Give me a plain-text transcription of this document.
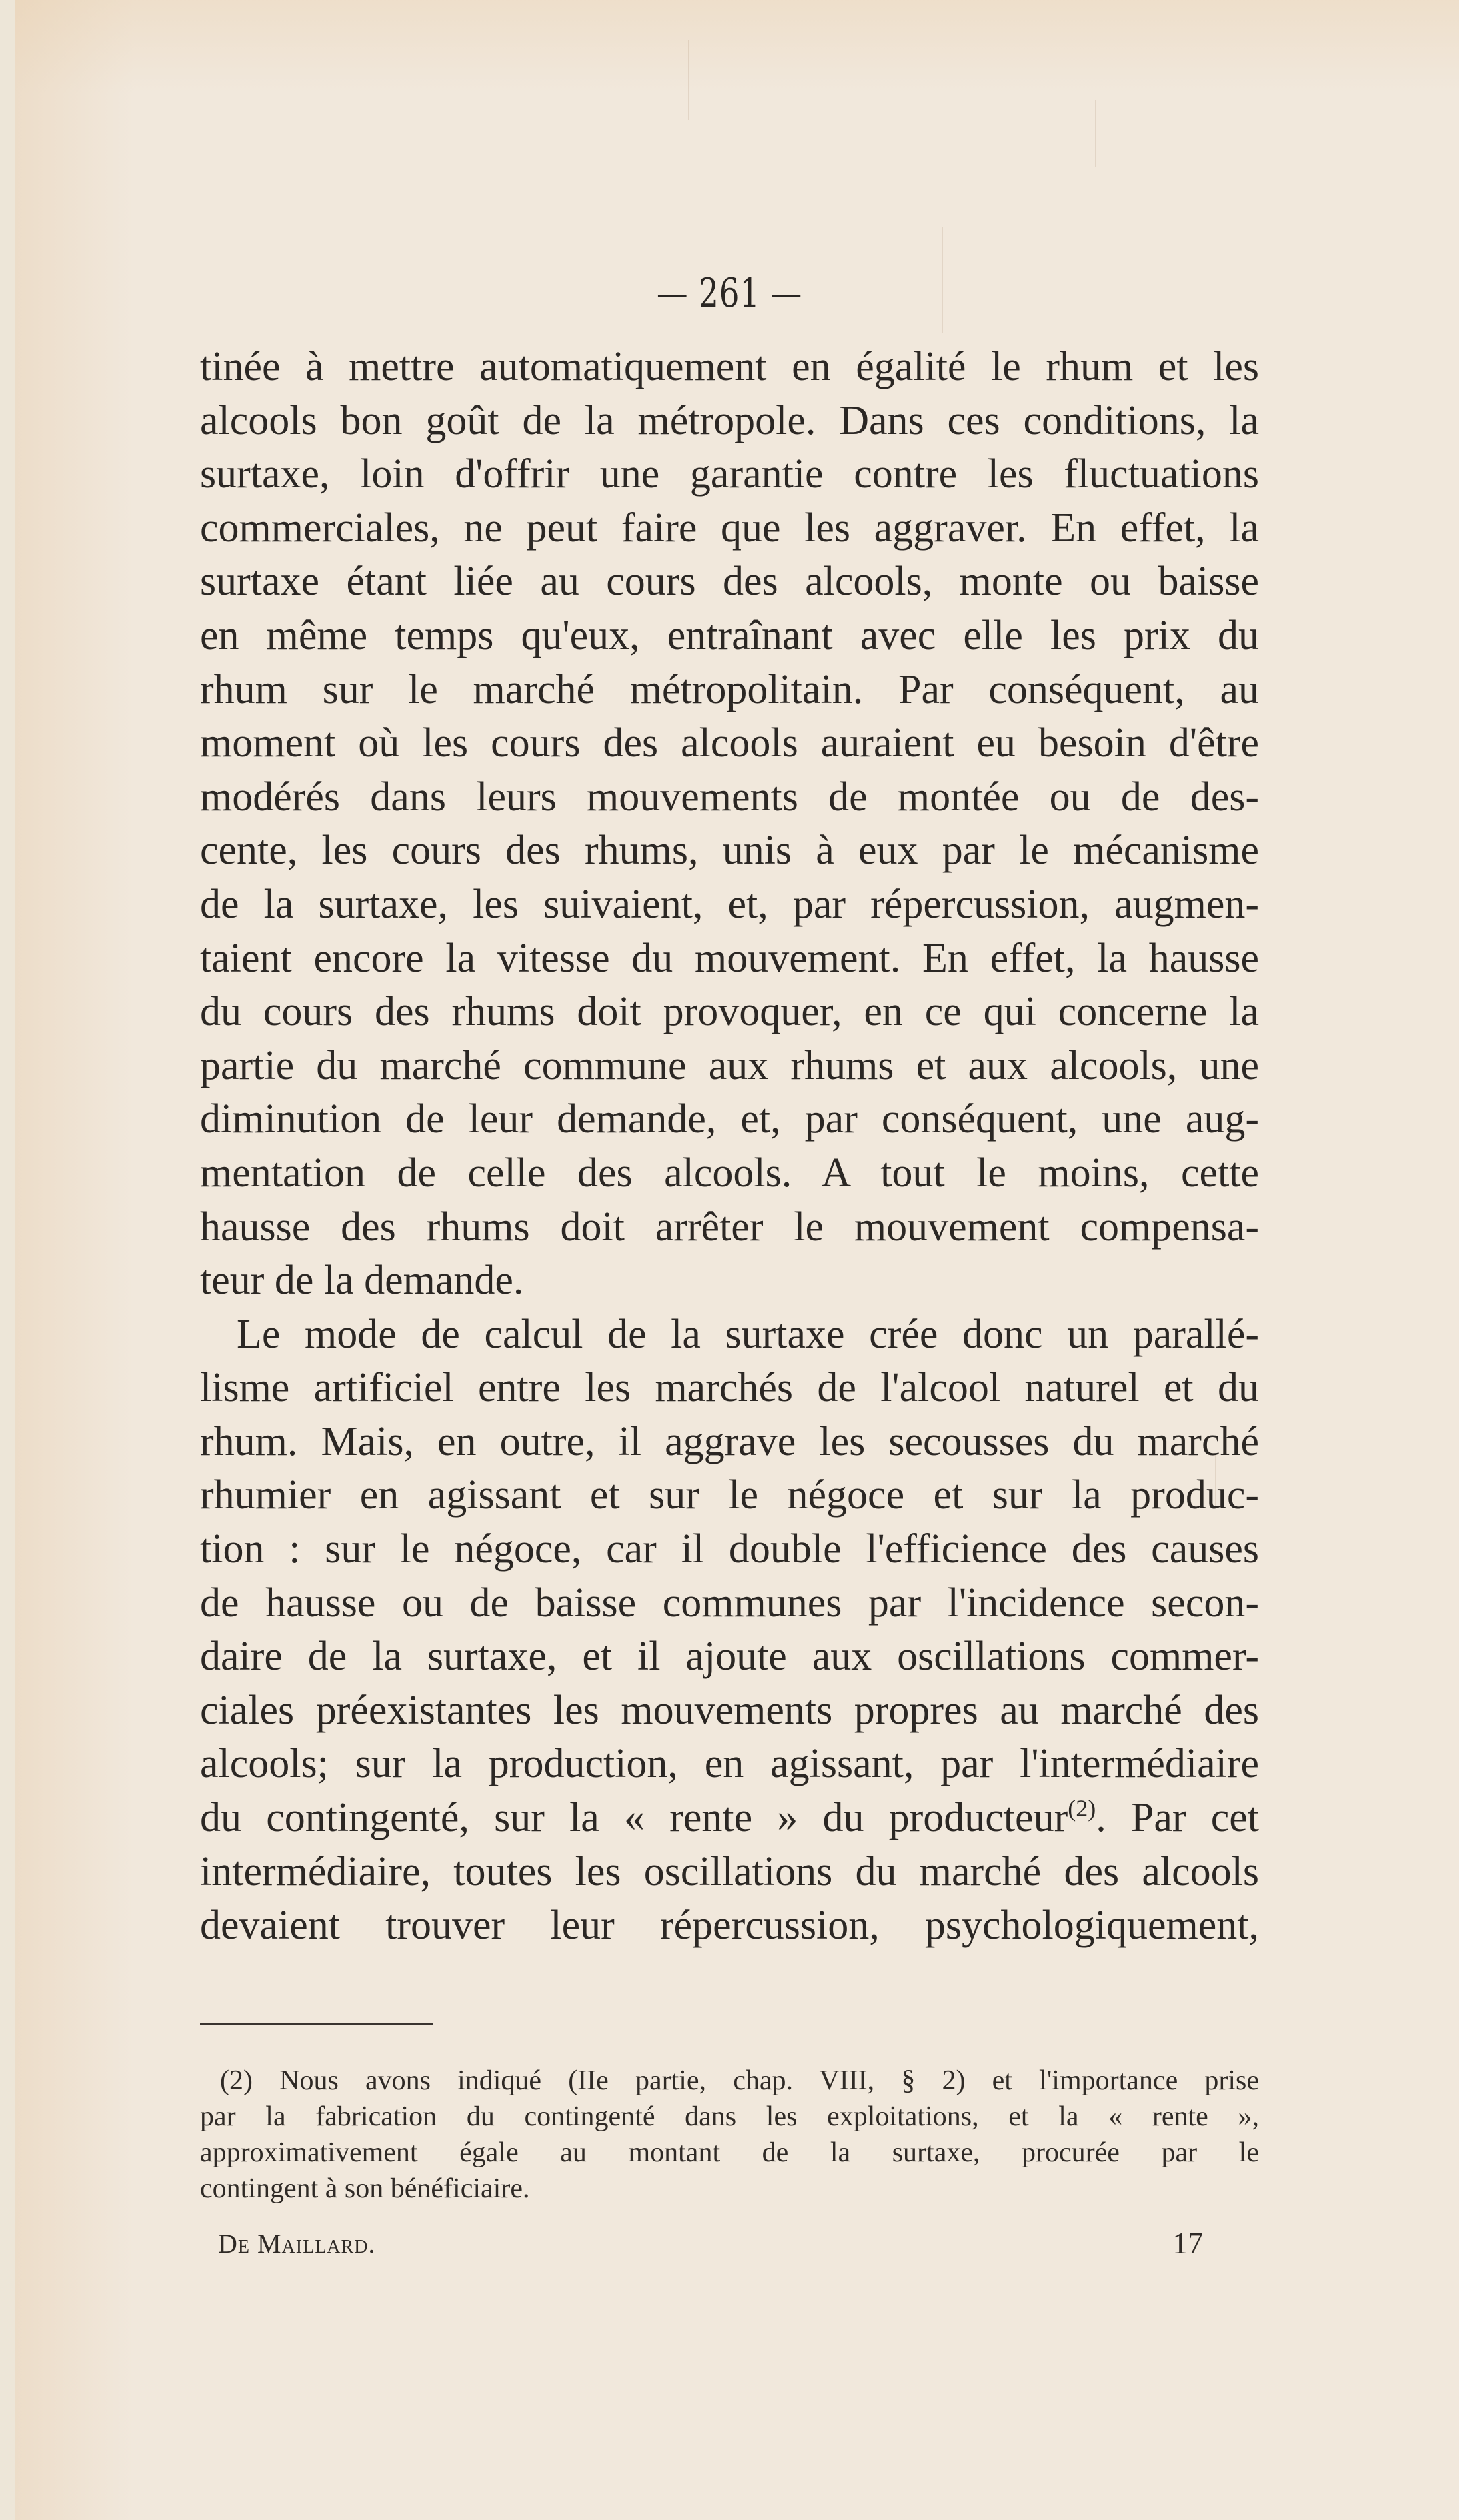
— 261 —
tinée à mettre automatiquement en égalité le rhum et les
alcools bon goût de la métropole. Dans ces conditions, la
surtaxe, loin d'offrir une garantie contre les fluctuations
commerciales, ne peut faire que les aggraver. En effet, la
surtaxe étant liée au cours des alcools, monte ou baisse
en même temps qu'eux, entraînant avec elle les prix du
rhum sur le marché métropolitain. Par conséquent, au
moment où les cours des alcools auraient eu besoin d'être
modérés dans leurs mouvements de montée ou de des-
cente, les cours des rhums, unis à eux par le mécanisme
de la surtaxe, les suivaient, et, par répercussion, augmen-
taient encore la vitesse du mouvement. En effet, la hausse
du cours des rhums doit provoquer, en ce qui concerne la
partie du marché commune aux rhums et aux alcools, une
diminution de leur demande, et, par conséquent, une aug-
mentation de celle des alcools. A tout le moins, cette
hausse des rhums doit arrêter le mouvement compensa-
teur de la demande.
Le mode de calcul de la surtaxe crée donc un parallé-
lisme artificiel entre les marchés de l'alcool naturel et du
rhum. Mais, en outre, il aggrave les secousses du marché
rhumier en agissant et sur le négoce et sur la produc-
tion : sur le négoce, car il double l'efficience des causes
de hausse ou de baisse communes par l'incidence secon-
daire de la surtaxe, et il ajoute aux oscillations commer-
ciales préexistantes les mouvements propres au marché des
alcools; sur la production, en agissant, par l'intermédiaire
du contingenté, sur la « rente » du producteur$^{(2)}$. Par cet
intermédiaire, toutes les oscillations du marché des alcools
devaient trouver leur répercussion, psychologiquement,
(2) Nous avons indiqué (IIe partie, chap. VIII, § 2) et l'importance prise
par la fabrication du contingenté dans les exploitations, et la « rente »,
approximativement égale au montant de la surtaxe, procurée par le
contingent à son bénéficiaire.
De Maillard.	17
